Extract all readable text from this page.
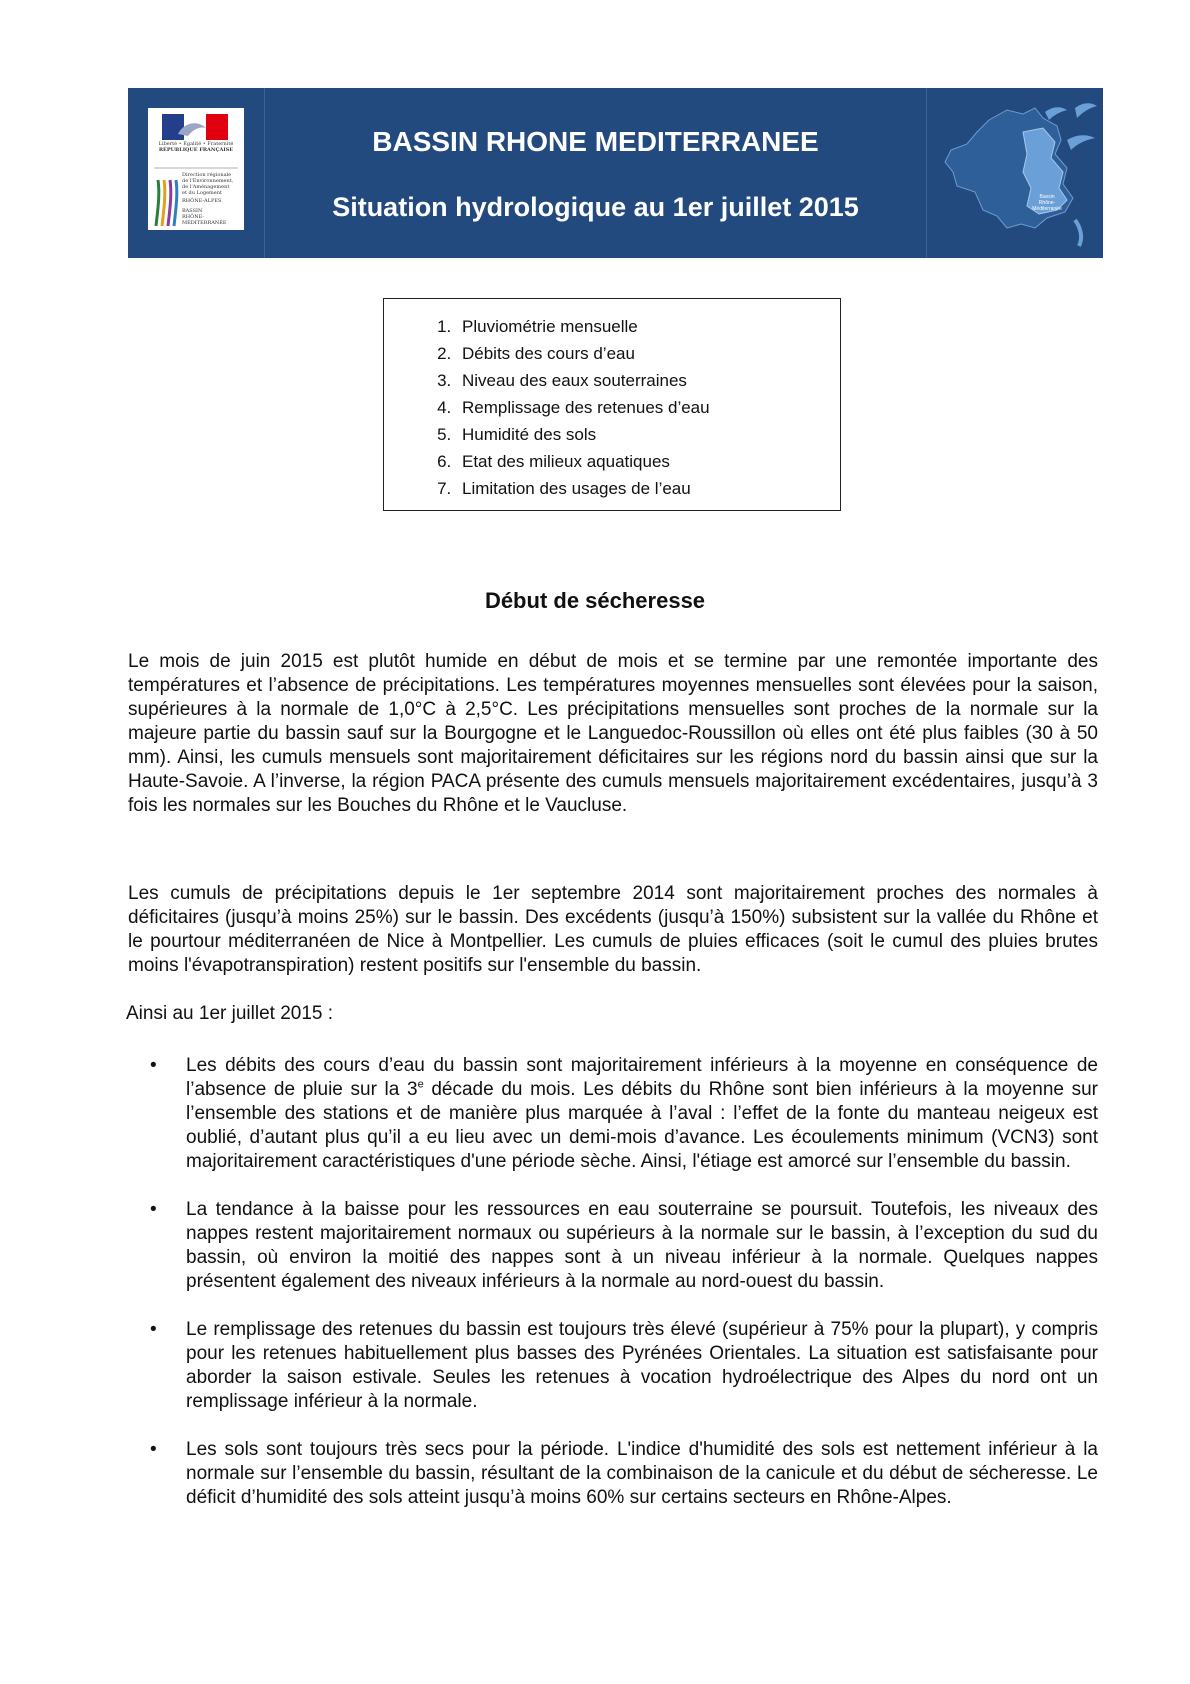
Liberté • Égalité • Fraternité
RÉPUBLIQUE FRANÇAISE
Direction régionale
de l'Environnement,
de l'Aménagement
et du Logement
RHÔNE-ALPES
BASSIN
RHÔNE-MÉDITERRANÉE
BASSIN RHONE MEDITERRANEE
Situation hydrologique au 1er juillet 2015	Bassin
Rhône-
Méditerranée
1. Pluviométrie mensuelle
2. Débits des cours d’eau
3. Niveau des eaux souterraines
4. Remplissage des retenues d’eau
5. Humidité des sols
6. Etat des milieux aquatiques
7. Limitation des usages de l’eau
Début de sécheresse

Le mois de juin 2015 est plutôt humide en début de mois et se termine par une remontée importante des températures et l’absence de précipitations. Les températures moyennes mensuelles sont élevées pour la saison, supérieures à la normale de 1,0°C à 2,5°C. Les précipitations mensuelles sont proches de la normale sur la majeure partie du bassin sauf sur la Bourgogne et le Languedoc-Roussillon où elles ont été plus faibles (30 à 50 mm). Ainsi, les cumuls mensuels sont majoritairement déficitaires sur les régions nord du bassin ainsi que sur la Haute-Savoie. A l’inverse, la région PACA présente des cumuls mensuels majoritairement excédentaires, jusqu’à 3 fois les normales sur les Bouches du Rhône et le Vaucluse.

Les cumuls de précipitations depuis le 1er septembre 2014 sont majoritairement proches des normales à déficitaires (jusqu’à moins 25%) sur le bassin. Des excédents (jusqu’à 150%) subsistent sur la vallée du Rhône et le pourtour méditerranéen de Nice à Montpellier. Les cumuls de pluies efficaces (soit le cumul des pluies brutes moins l'évapotranspiration) restent positifs sur l'ensemble du bassin.

Ainsi au 1er juillet 2015 :

• Les débits des cours d’eau du bassin sont majoritairement inférieurs à la moyenne en conséquence de l’absence de pluie sur la 3e décade du mois. Les débits du Rhône sont bien inférieurs à la moyenne sur l’ensemble des stations et de manière plus marquée à l’aval : l’effet de la fonte du manteau neigeux est oublié, d’autant plus qu’il a eu lieu avec un demi-mois d’avance. Les écoulements minimum (VCN3) sont majoritairement caractéristiques d'une période sèche. Ainsi, l'étiage est amorcé sur l’ensemble du bassin.
• La tendance à la baisse pour les ressources en eau souterraine se poursuit. Toutefois, les niveaux des nappes restent majoritairement normaux ou supérieurs à la normale sur le bassin, à l’exception du sud du bassin, où environ la moitié des nappes sont à un niveau inférieur à la normale. Quelques nappes présentent également des niveaux inférieurs à la normale au nord-ouest du bassin.
• Le remplissage des retenues du bassin est toujours très élevé (supérieur à 75% pour la plupart), y compris pour les retenues habituellement plus basses des Pyrénées Orientales. La situation est satisfaisante pour aborder la saison estivale. Seules les retenues à vocation hydroélectrique des Alpes du nord ont un remplissage inférieur à la normale.
• Les sols sont toujours très secs pour la période. L'indice d'humidité des sols est nettement inférieur à la normale sur l’ensemble du bassin, résultant de la combinaison de la canicule et du début de sécheresse. Le déficit d’humidité des sols atteint jusqu’à moins 60% sur certains secteurs en Rhône-Alpes.
